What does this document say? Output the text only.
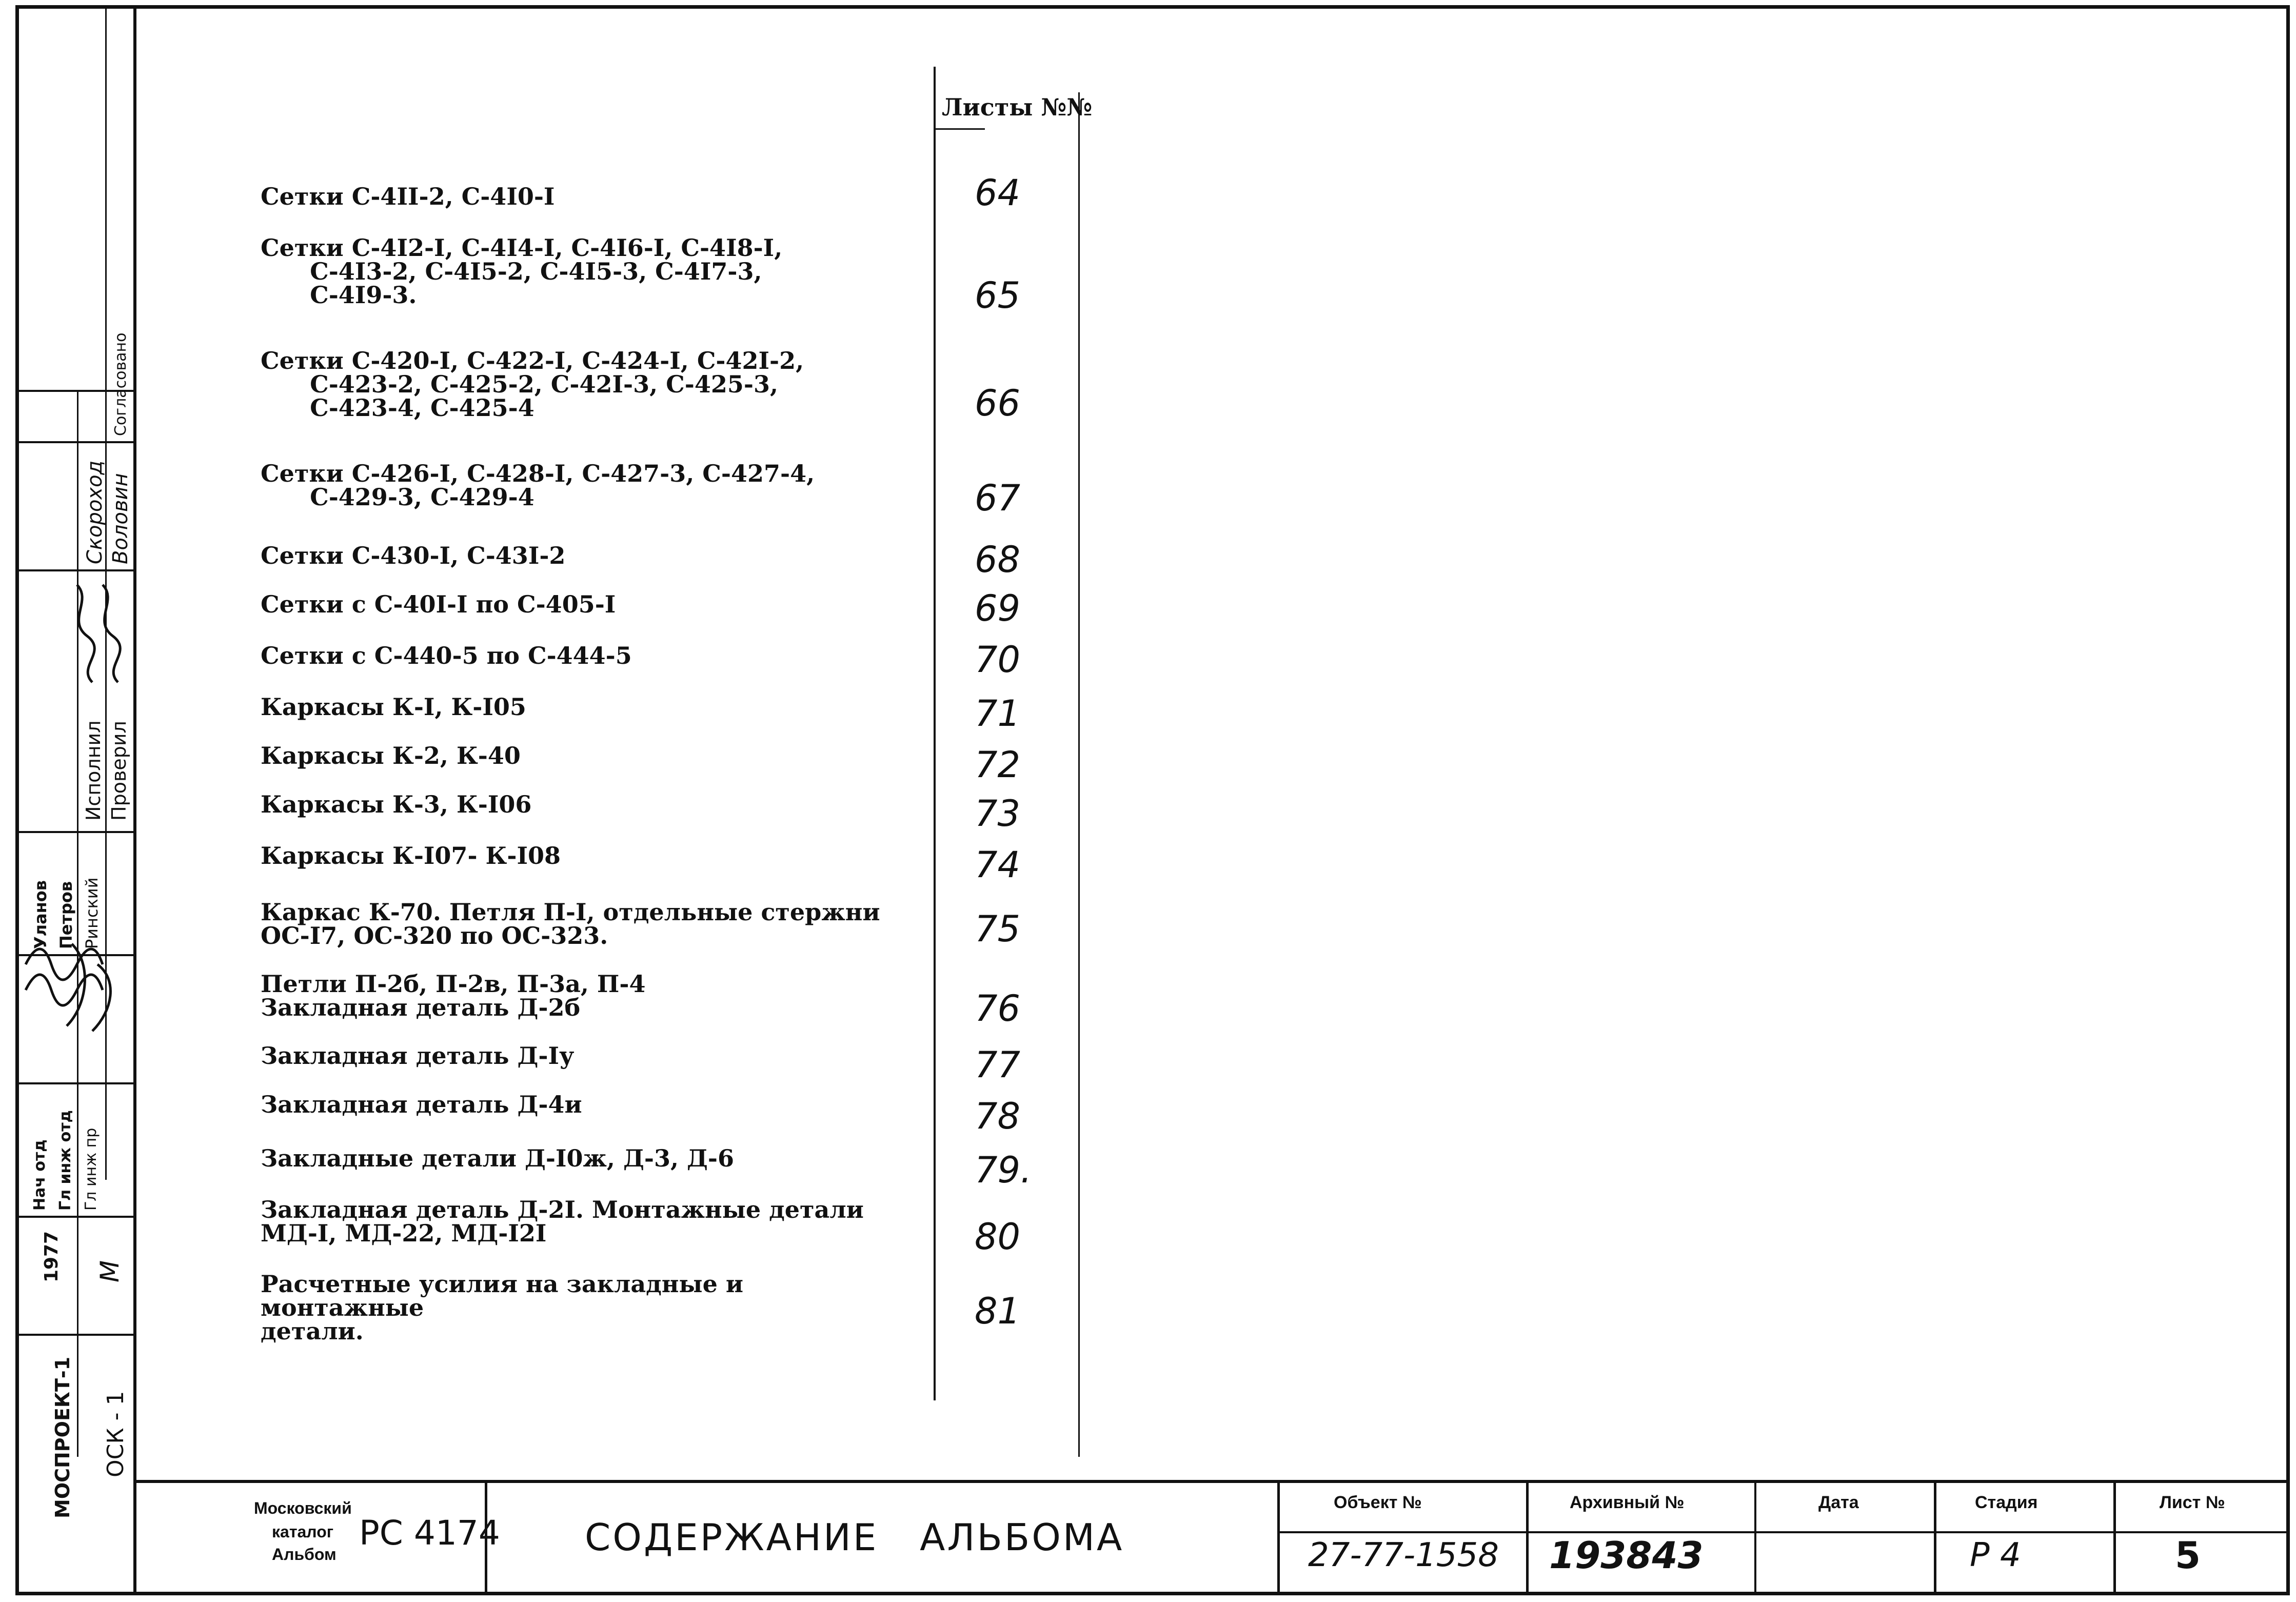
Согласовано
Исполнил
Скороход
Проверил
Воловин
Уланов Петров Ринский
Нач отд Гл инж отд Гл инж пр
1977 М
МОСПРОЕКТ-1 ОСК - 1
Листы №№
Сетки С-4II-2, С-4I0-I	64
Сетки С-4I2-I, С-4I4-I, С-4I6-I, С-4I8-I,
С-4I3-2, С-4I5-2, С-4I5-3, С-4I7-3,
С-4I9-3.	65
Сетки С-420-I, С-422-I, С-424-I, С-42I-2,
С-423-2, С-425-2, С-42I-3, С-425-3,
С-423-4, С-425-4	66
Сетки С-426-I, С-428-I, С-427-3, С-427-4,
С-429-3, С-429-4	67
Сетки С-430-I, С-43I-2	68
Сетки с С-40I-I по С-405-I	69
Сетки с С-440-5 по С-444-5	70
Каркасы К-I, К-I05	71
Каркасы К-2, К-40	72
Каркасы К-3, К-I06	73
Каркасы К-I07- К-I08	74
Каркас К-70. Петля П-I, отдельные стержни
ОС-I7, ОС-320 по ОС-323.	75
Петли П-2б, П-2в, П-3а, П-4
Закладная деталь Д-2б	76
Закладная деталь Д-Iу	77
Закладная деталь Д-4и	78
Закладные детали Д-I0ж, Д-3, Д-6	79.
Закладная деталь Д-2I. Монтажные детали
МД-I, МД-22, МД-I2I	80
Расчетные усилия на закладные и монтажные
детали.	81
Московский
каталог
Альбом
РС 4174 СОДЕРЖАНИЕ   АЛЬБОМА
Объект №
27-77-1558
Архивный №
193843
Дата	Стадия
Р 4
Лист №
5
